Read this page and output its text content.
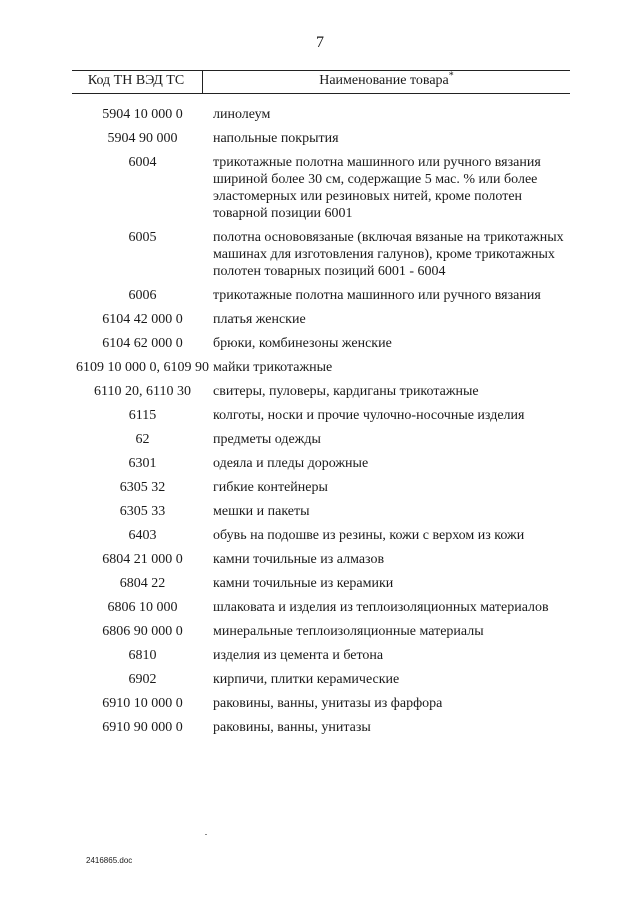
7
Код ТН ВЭД ТС	Наименование товара*
5904 10 000 0	линолеум
5904 90 000	напольные покрытия
6004	трикотажные полотна машинного или ручного вязания шириной более 30 см, содержащие 5 мас. % или более эластомерных или резиновых нитей, кроме полотен товарной позиции 6001
6005	полотна основовязаные (включая вязаные на трикотажных машинах для изготовления галунов), кроме трикотажных полотен товарных позиций 6001 - 6004
6006	трикотажные полотна машинного или ручного вязания
6104 42 000 0	платья женские
6104 62 000 0	брюки, комбинезоны женские
6109 10 000 0, 6109 90 майки трикотажные
6110 20, 6110 30	свитеры, пуловеры, кардиганы трикотажные
6115	колготы, носки и прочие чулочно-носочные изделия
62	предметы одежды
6301	одеяла и пледы дорожные
6305 32	гибкие контейнеры
6305 33	мешки и пакеты
6403	обувь на подошве из резины, кожи с верхом из кожи
6804 21 000 0	камни точильные из алмазов
6804 22	камни точильные из керамики
6806 10 000	шлаковата и изделия из теплоизоляционных материалов
6806 90 000 0	минеральные теплоизоляционные материалы
6810	изделия из цемента и бетона
6902	кирпичи, плитки керамические
6910 10 000 0	раковины, ванны, унитазы из фарфора
6910 90 000 0	раковины, ванны, унитазы
2416865.doc
